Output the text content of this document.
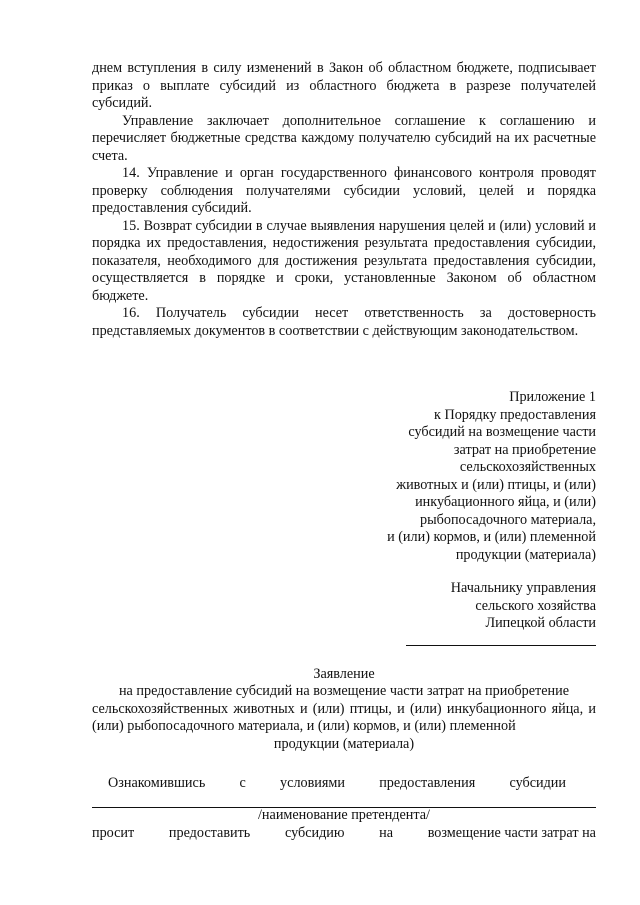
днем вступления в силу изменений в Закон об областном бюджете, подписывает приказ о выплате субсидий из областного бюджета в разрезе получателей субсидий.

Управление заключает дополнительное соглашение к соглашению и перечисляет бюджетные средства каждому получателю субсидий на их расчетные счета.

14. Управление и орган государственного финансового контроля проводят проверку соблюдения получателями субсидии условий, целей и порядка предоставления субсидий.

15. Возврат субсидии в случае выявления нарушения целей и (или) условий и порядка их предоставления, недостижения результата предоставления субсидии, показателя, необходимого для достижения результата предоставления субсидии, осуществляется в порядке и сроки, установленные Законом об областном бюджете.

16. Получатель субсидии несет ответственность за достоверность представляемых документов в соответствии с действующим законодательством.

Приложение 1
к Порядку предоставления
субсидий на возмещение части
затрат на приобретение
сельскохозяйственных
животных и (или) птицы, и (или)
инкубационного яйца, и (или)
рыбопосадочного материала,
и (или) кормов, и (или) племенной
продукции (материала)
Начальнику управления
сельского хозяйства
Липецкой области
Заявление

на предоставление субсидий на возмещение части затрат на приобретение

сельскохозяйственных животных и (или) птицы, и (или) инкубационного яйца, и (или) рыбопосадочного материала, и (или) кормов, и (или) племенной

продукции (материала)

Ознакомившись с условиями предоставления субсидии
/наименование претендента/
просит предоставить субсидию на возмещение части затрат на
